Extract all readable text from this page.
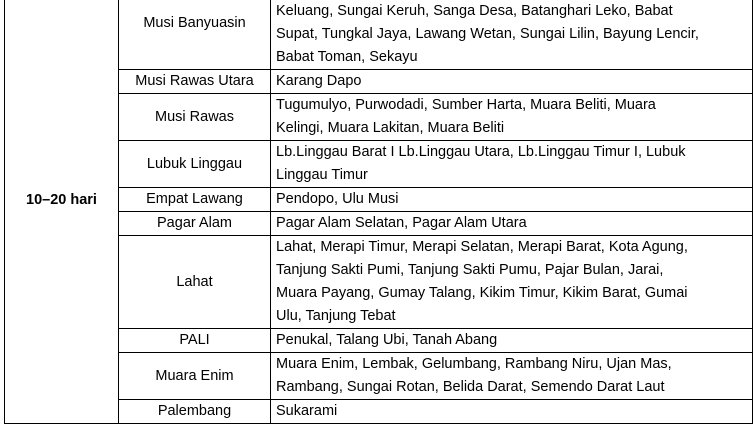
10–20 hari	Musi Banyuasin	Keluang, Sungai Keruh, Sanga Desa, Batanghari Leko, Babat
Supat, Tungkal Jaya, Lawang Wetan, Sungai Lilin, Bayung Lencir,
Babat Toman, Sekayu

	Musi Rawas Utara	Karang Dapo

	Musi Rawas	Tugumulyo, Purwodadi, Sumber Harta, Muara Beliti, Muara
Kelingi, Muara Lakitan, Muara Beliti

	Lubuk Linggau	Lb.Linggau Barat I Lb.Linggau Utara, Lb.Linggau Timur I, Lubuk
Linggau Timur

	Empat Lawang	Pendopo, Ulu Musi

	Pagar Alam	Pagar Alam Selatan, Pagar Alam Utara

	Lahat	Lahat, Merapi Timur, Merapi Selatan, Merapi Barat, Kota Agung,
Tanjung Sakti Pumi, Tanjung Sakti Pumu, Pajar Bulan, Jarai,
Muara Payang, Gumay Talang, Kikim Timur, Kikim Barat, Gumai
Ulu, Tanjung Tebat

	PALI	Penukal, Talang Ubi, Tanah Abang

	Muara Enim	Muara Enim, Lembak, Gelumbang, Rambang Niru, Ujan Mas,
Rambang, Sungai Rotan, Belida Darat, Semendo Darat Laut

	Palembang	Sukarami
